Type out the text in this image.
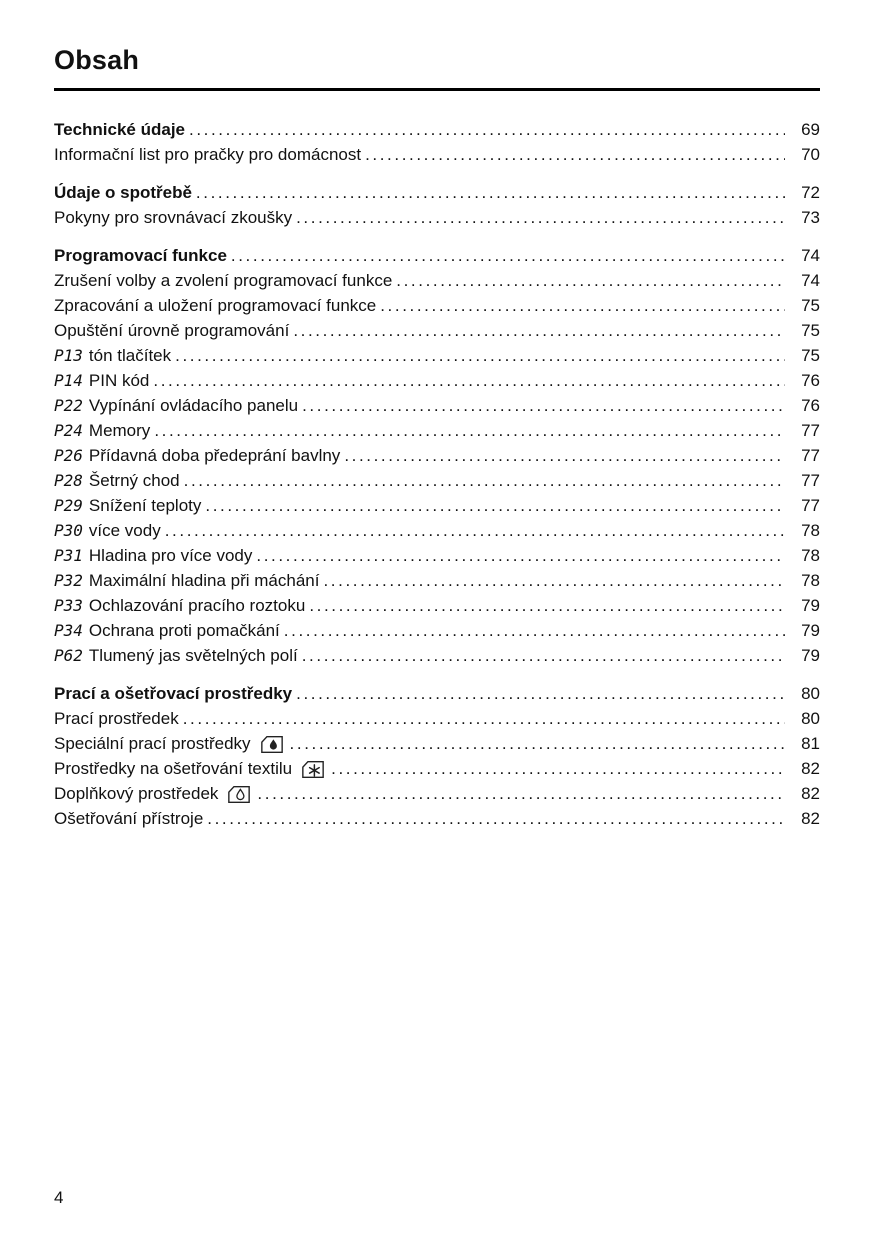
Obsah
Technické údaje .....	69
Informační list pro pračky pro domácnost .....	70
Údaje o spotřebě .....	72
Pokyny pro srovnávací zkoušky .....	73
Programovací funkce .....	74
Zrušení volby a zvolení programovací funkce .....	74
Zpracování a uložení programovací funkce .....	75
Opuštění úrovně programování .....	75
P13 tón tlačítek .....	75
P14 PIN kód .....	76
P22 Vypínání ovládacího panelu .....	76
P24 Memory .....	77
P26 Přídavná doba předeprání bavlny .....	77
P28 Šetrný chod .....	77
P29 Snížení teploty .....	77
P30 více vody .....	78
P31 Hladina pro více vody .....	78
P32 Maximální hladina při máchání .....	78
P33 Ochlazování pracího roztoku .....	79
P34 Ochrana proti pomačkání .....	79
P62 Tlumený jas světelných polí .....	79
Prací a ošetřovací prostředky .....	80
Prací prostředek .....	80
Speciální prací prostředky .....	81
Prostředky na ošetřování textilu .....	82
Doplňkový prostředek .....	82
Ošetřování přístroje .....	82
4
